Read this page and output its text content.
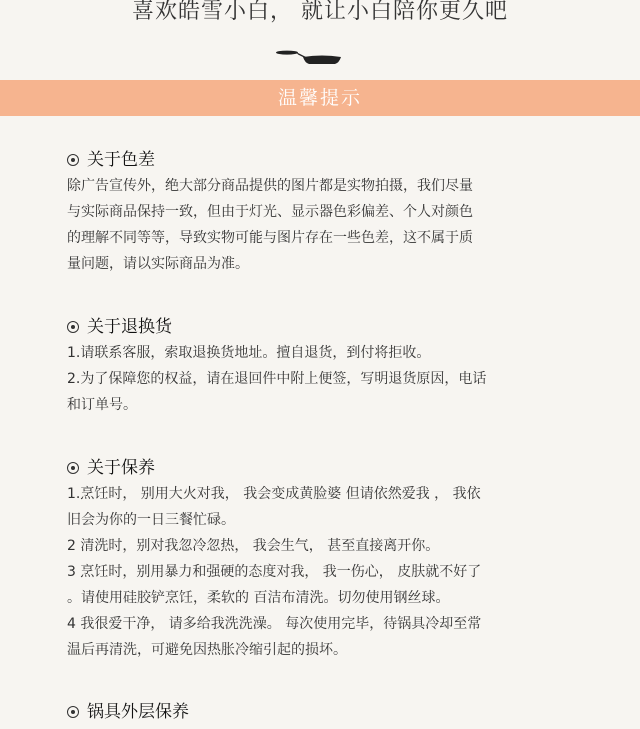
喜欢皓雪小白， 就让小白陪你更久吧
温馨提示
关于色差
除广告宣传外，绝大部分商品提供的图片都是实物拍摄，我们尽量
与实际商品保持一致，但由于灯光、显示器色彩偏差、个人对颜色
的理解不同等等，导致实物可能与图片存在一些色差，这不属于质
量问题，请以实际商品为准。
关于退换货
1.请联系客服，索取退换货地址。擅自退货，到付将拒收。
2.为了保障您的权益，请在退回件中附上便签，写明退货原因，电话
和订单号。
关于保养
1.烹饪时， 别用大火对我， 我会变成黄脸婆 但请依然爱我 ， 我依
旧会为你的一日三餐忙碌。
2 清洗时，别对我忽冷忽热， 我会生气， 甚至直接离开你。
3 烹饪时，别用暴力和强硬的态度对我， 我一伤心， 皮肤就不好了
。请使用硅胶铲烹饪，柔软的 百洁布清洗。切勿使用钢丝球。
4 我很爱干净， 请多给我洗洗澡。 每次使用完毕，待锅具冷却至常
温后再清洗，可避免因热胀冷缩引起的损坏。
锅具外层保养
